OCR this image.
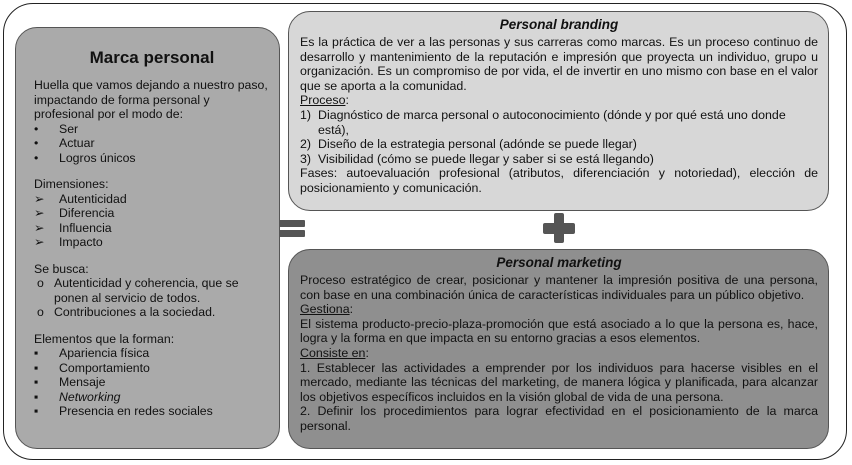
Marca personal
Huella que vamos dejando a nuestro paso, impactando de forma personal y profesional por el modo de:
•	Ser
•	Actuar
•	Logros únicos
Dimensiones:
➢	Autenticidad
➢	Diferencia
➢	Influencia
➢	Impacto
Se busca:
o Autenticidad y coherencia, que se ponen al servicio de todos.
o Contribuciones a la sociedad.
Elementos que la forman:
▪	Apariencia física
▪	Comportamiento
▪	Mensaje
▪	Networking
▪	Presencia en redes sociales
Personal branding
Es la práctica de ver a las personas y sus carreras como marcas. Es un proceso continuo de desarrollo y mantenimiento de la reputación e impresión que proyecta un individuo, grupo u organización. Es un compromiso de por vida, el de invertir en uno mismo con base en el valor que se aporta a la comunidad.
Proceso:
1) Diagnóstico de marca personal o autoconocimiento (dónde y por qué está uno donde está),
2) Diseño de la estrategia personal (adónde se puede llegar)
3) Visibilidad (cómo se puede llegar y saber si se está llegando)
Fases: autoevaluación profesional (atributos, diferenciación y notoriedad), elección de posicionamiento y comunicación.
Personal marketing
Proceso estratégico de crear, posicionar y mantener la impresión positiva de una persona, con base en una combinación única de características individuales para un público objetivo.
Gestiona:
El sistema producto-precio-plaza-promoción que está asociado a lo que la persona es, hace, logra y la forma en que impacta en su entorno gracias a esos elementos.
Consiste en:
1. Establecer las actividades a emprender por los individuos para hacerse visibles en el mercado, mediante las técnicas del marketing, de manera lógica y planificada, para alcanzar los objetivos específicos incluidos en la visión global de vida de una persona.
2. Definir los procedimientos para lograr efectividad en el posicionamiento de la marca personal.
